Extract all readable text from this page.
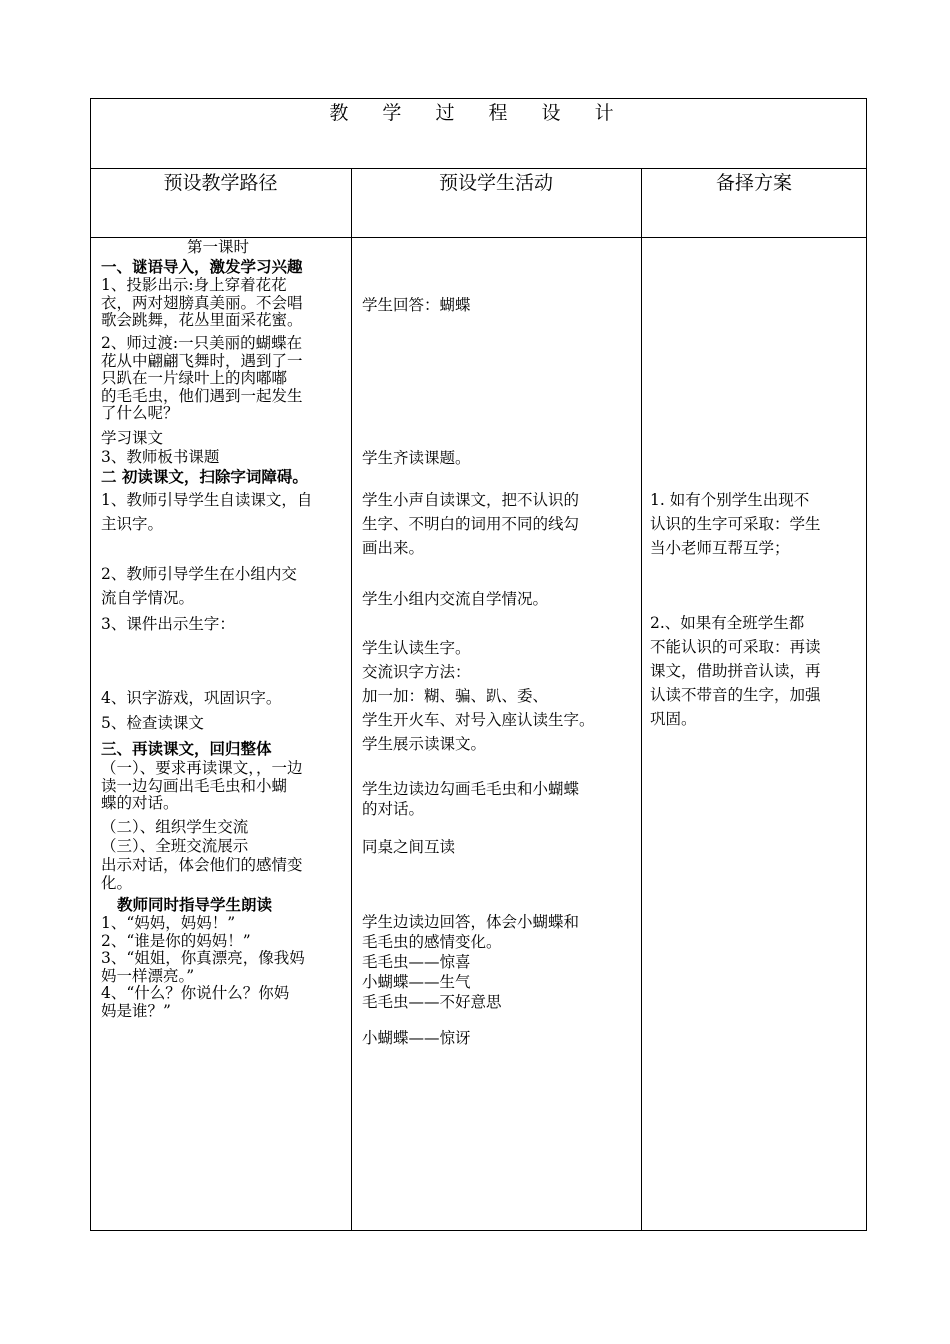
教 学 过 程 设 计
预设教学路径	预设学生活动	备择方案
第一课时
一、谜语导入，激发学习兴趣
1、投影出示:身上穿着花花
衣，两对翅膀真美丽。不会唱
歌会跳舞，花丛里面采花蜜。
2、师过渡:一只美丽的蝴蝶在
花从中翩翩飞舞时，遇到了一
只趴在一片绿叶上的肉嘟嘟
的毛毛虫，他们遇到一起发生
了什么呢？
学习课文
3、教师板书课题
二 初读课文，扫除字词障碍。
1、教师引导学生自读课文，自
主识字。
2、教师引导学生在小组内交
流自学情况。
3、课件出示生字：
4、识字游戏，巩固识字。
5、检查读课文
三、再读课文，回归整体
（一）、要求再读课文，，一边
读一边勾画出毛毛虫和小蝴
蝶的对话。
（二）、组织学生交流
（三）、全班交流展示
出示对话，体会他们的感情变
化。
教师同时指导学生朗读
1、“妈妈，妈妈！”
2、“谁是你的妈妈！”
3、“姐姐，你真漂亮，像我妈
妈一样漂亮。”
4、“什么？你说什么？你妈
妈是谁？”
学生回答：蝴蝶
学生齐读课题。
学生小声自读课文，把不认识的
生字、不明白的词用不同的线勾
画出来。
学生小组内交流自学情况。
学生认读生字。
交流识字方法：
加一加：糊、骗、趴、委、
学生开火车、对号入座认读生字。
学生展示读课文。
学生边读边勾画毛毛虫和小蝴蝶
的对话。
同桌之间互读
学生边读边回答，体会小蝴蝶和
毛毛虫的感情变化。
毛毛虫——惊喜
小蝴蝶——生气
毛毛虫——不好意思
小蝴蝶——惊讶
1. 如有个别学生出现不
认识的生字可采取：学生
当小老师互帮互学；
2.、如果有全班学生都
不能认识的可采取：再读
课文，借助拼音认读，再
认读不带音的生字，加强
巩固。
